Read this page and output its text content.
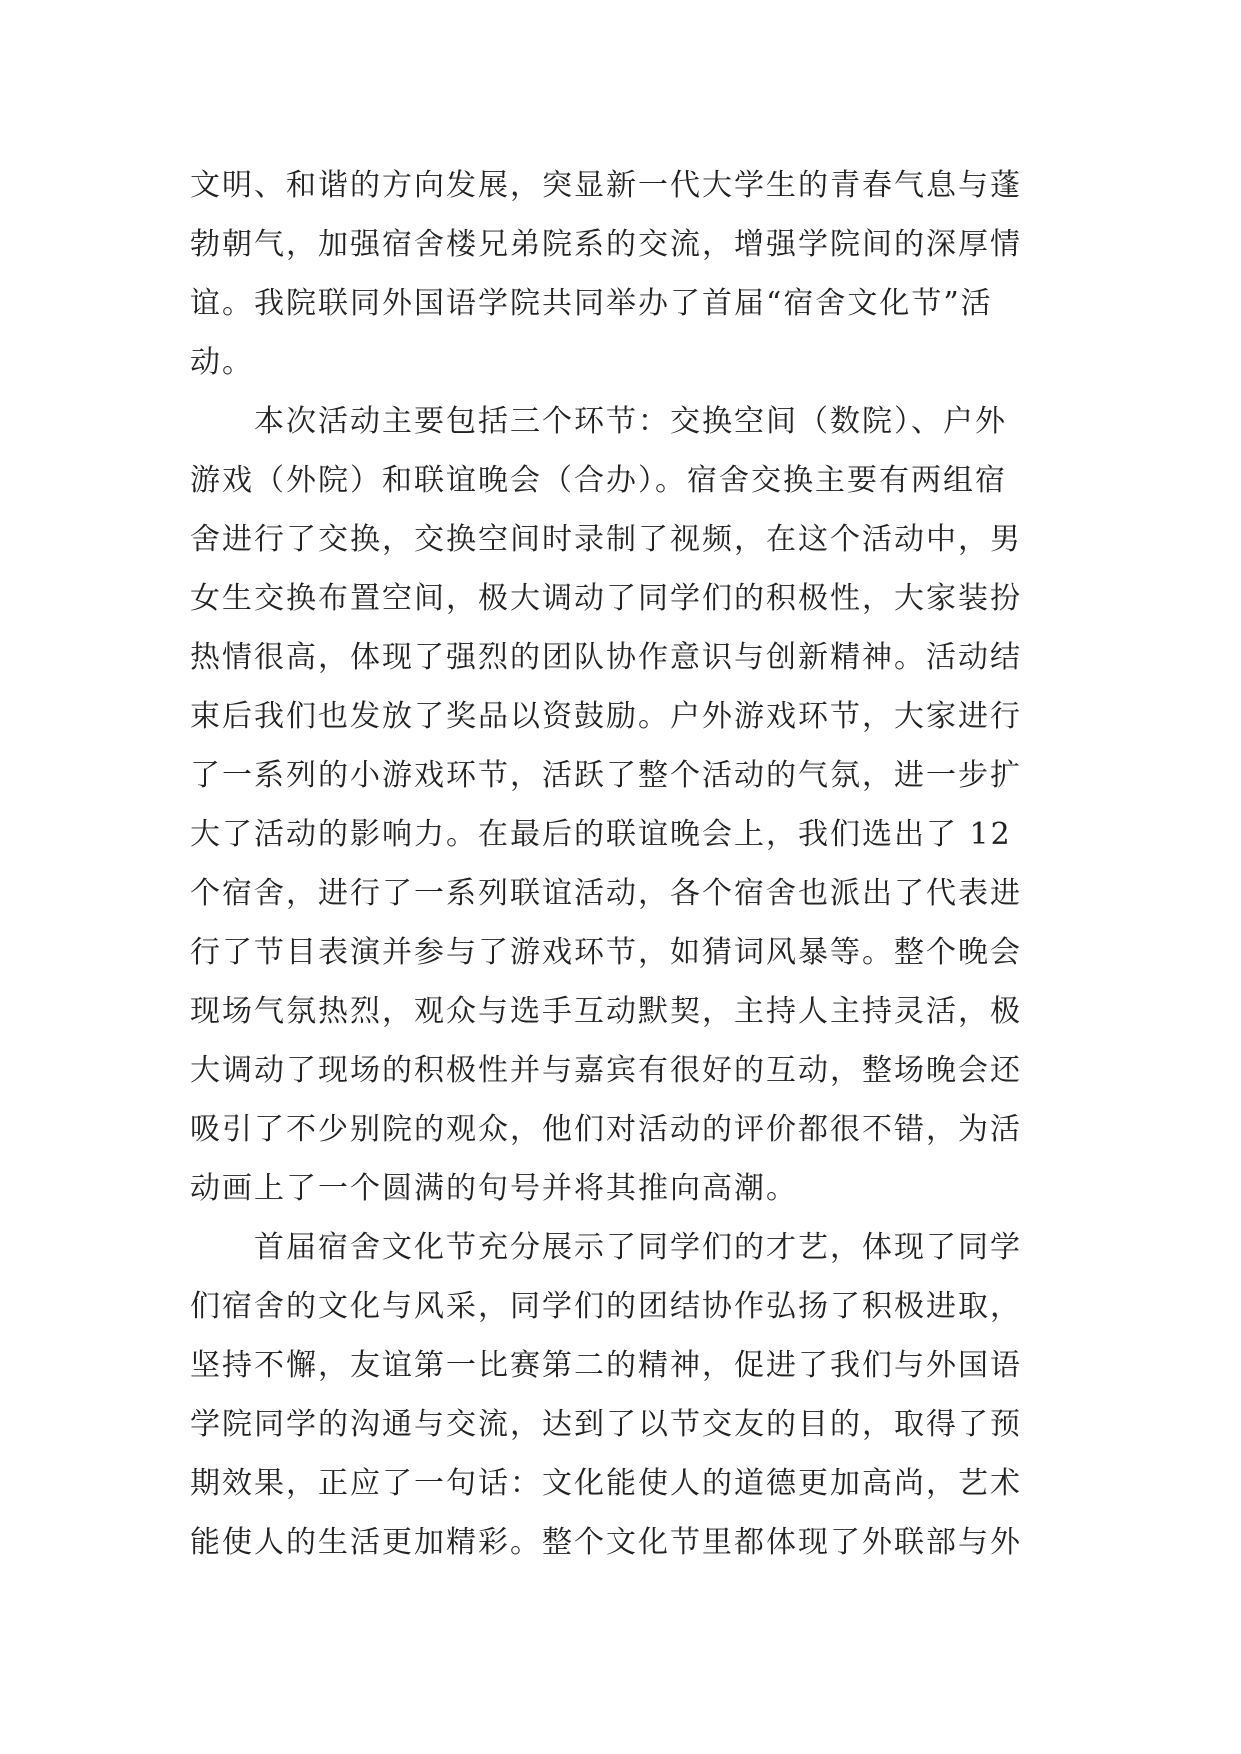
文明、和谐的方向发展，突显新一代大学生的青春气息与蓬
勃朝气，加强宿舍楼兄弟院系的交流，增强学院间的深厚情
谊。我院联同外国语学院共同举办了首届“宿舍文化节”活
动。

本次活动主要包括三个环节：交换空间（数院）、户外
游戏（外院）和联谊晚会（合办）。宿舍交换主要有两组宿
舍进行了交换，交换空间时录制了视频，在这个活动中，男
女生交换布置空间，极大调动了同学们的积极性，大家装扮
热情很高，体现了强烈的团队协作意识与创新精神。活动结
束后我们也发放了奖品以资鼓励。户外游戏环节，大家进行
了一系列的小游戏环节，活跃了整个活动的气氛，进一步扩
大了活动的影响力。在最后的联谊晚会上，我们选出了 12
个宿舍，进行了一系列联谊活动，各个宿舍也派出了代表进
行了节目表演并参与了游戏环节，如猜词风暴等。整个晚会
现场气氛热烈，观众与选手互动默契，主持人主持灵活，极
大调动了现场的积极性并与嘉宾有很好的互动，整场晚会还
吸引了不少别院的观众，他们对活动的评价都很不错，为活
动画上了一个圆满的句号并将其推向高潮。

首届宿舍文化节充分展示了同学们的才艺，体现了同学
们宿舍的文化与风采，同学们的团结协作弘扬了积极进取，
坚持不懈，友谊第一比赛第二的精神，促进了我们与外国语
学院同学的沟通与交流，达到了以节交友的目的，取得了预
期效果，正应了一句话：文化能使人的道德更加高尚，艺术
能使人的生活更加精彩。整个文化节里都体现了外联部与外
